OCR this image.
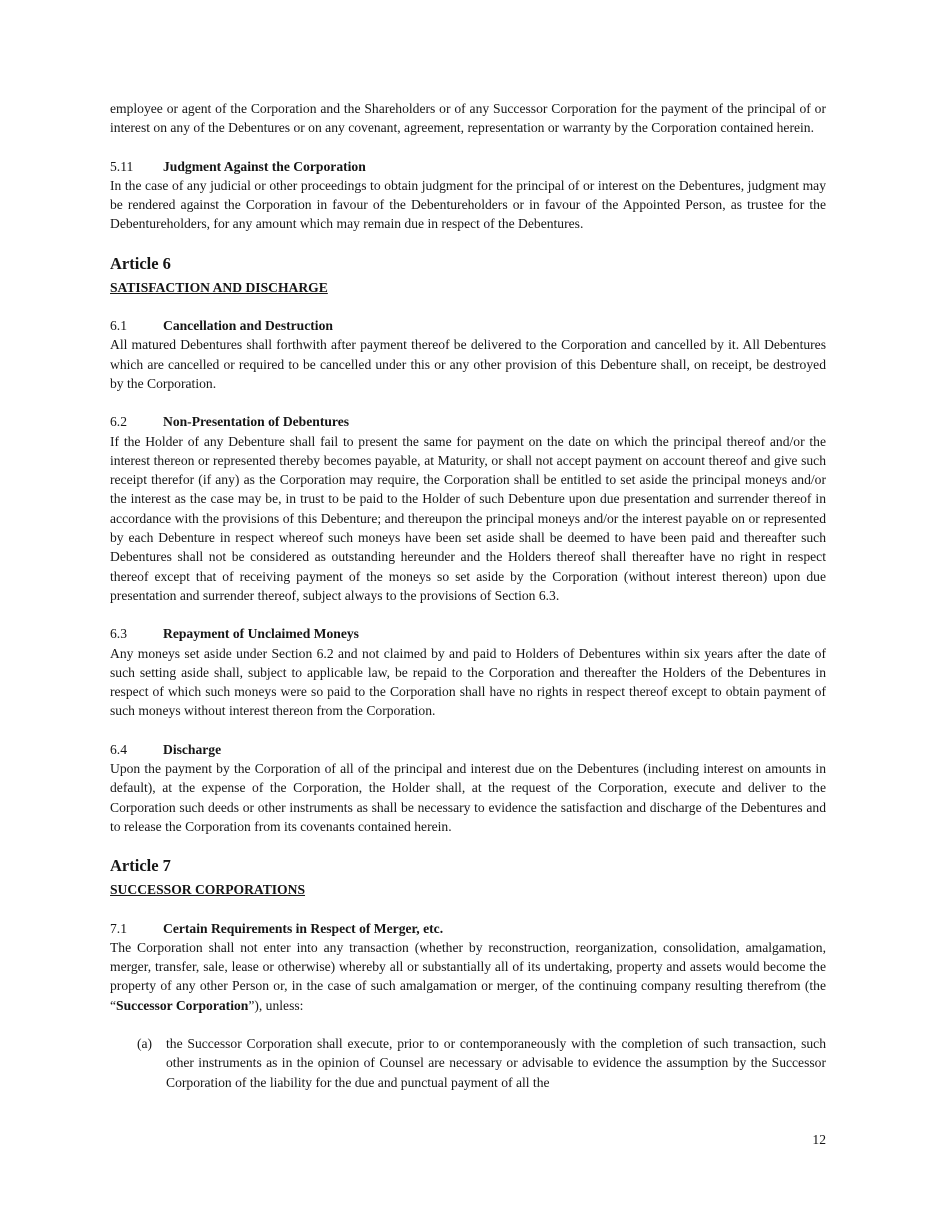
employee or agent of the Corporation and the Shareholders or of any Successor Corporation for the payment of the principal of or interest on any of the Debentures or on any covenant, agreement, representation or warranty by the Corporation contained herein.

5.11	Judgment Against the Corporation

In the case of any judicial or other proceedings to obtain judgment for the principal of or interest on the Debentures, judgment may be rendered against the Corporation in favour of the Debentureholders or in favour of the Appointed Person, as trustee for the Debentureholders, for any amount which may remain due in respect of the Debentures.

Article 6
SATISFACTION AND DISCHARGE
6.1	Cancellation and Destruction

All matured Debentures shall forthwith after payment thereof be delivered to the Corporation and cancelled by it. All Debentures which are cancelled or required to be cancelled under this or any other provision of this Debenture shall, on receipt, be destroyed by the Corporation.

6.2	Non-Presentation of Debentures

If the Holder of any Debenture shall fail to present the same for payment on the date on which the principal thereof and/or the interest thereon or represented thereby becomes payable, at Maturity, or shall not accept payment on account thereof and give such receipt therefor (if any) as the Corporation may require, the Corporation shall be entitled to set aside the principal moneys and/or the interest as the case may be, in trust to be paid to the Holder of such Debenture upon due presentation and surrender thereof in accordance with the provisions of this Debenture; and thereupon the principal moneys and/or the interest payable on or represented by each Debenture in respect whereof such moneys have been set aside shall be deemed to have been paid and thereafter such Debentures shall not be considered as outstanding hereunder and the Holders thereof shall thereafter have no right in respect thereof except that of receiving payment of the moneys so set aside by the Corporation (without interest thereon) upon due presentation and surrender thereof, subject always to the provisions of Section 6.3.

6.3	Repayment of Unclaimed Moneys

Any moneys set aside under Section 6.2 and not claimed by and paid to Holders of Debentures within six years after the date of such setting aside shall, subject to applicable law, be repaid to the Corporation and thereafter the Holders of the Debentures in respect of which such moneys were so paid to the Corporation shall have no rights in respect thereof except to obtain payment of such moneys without interest thereon from the Corporation.

6.4	Discharge

Upon the payment by the Corporation of all of the principal and interest due on the Debentures (including interest on amounts in default), at the expense of the Corporation, the Holder shall, at the request of the Corporation, execute and deliver to the Corporation such deeds or other instruments as shall be necessary to evidence the satisfaction and discharge of the Debentures and to release the Corporation from its covenants contained herein.

Article 7
SUCCESSOR CORPORATIONS
7.1	Certain Requirements in Respect of Merger, etc.

The Corporation shall not enter into any transaction (whether by reconstruction, reorganization, consolidation, amalgamation, merger, transfer, sale, lease or otherwise) whereby all or substantially all of its undertaking, property and assets would become the property of any other Person or, in the case of such amalgamation or merger, of the continuing company resulting therefrom (the “Successor Corporation”), unless:

(a)	the Successor Corporation shall execute, prior to or contemporaneously with the completion of such transaction, such other instruments as in the opinion of Counsel are necessary or advisable to evidence the assumption by the Successor Corporation of the liability for the due and punctual payment of all the
12
